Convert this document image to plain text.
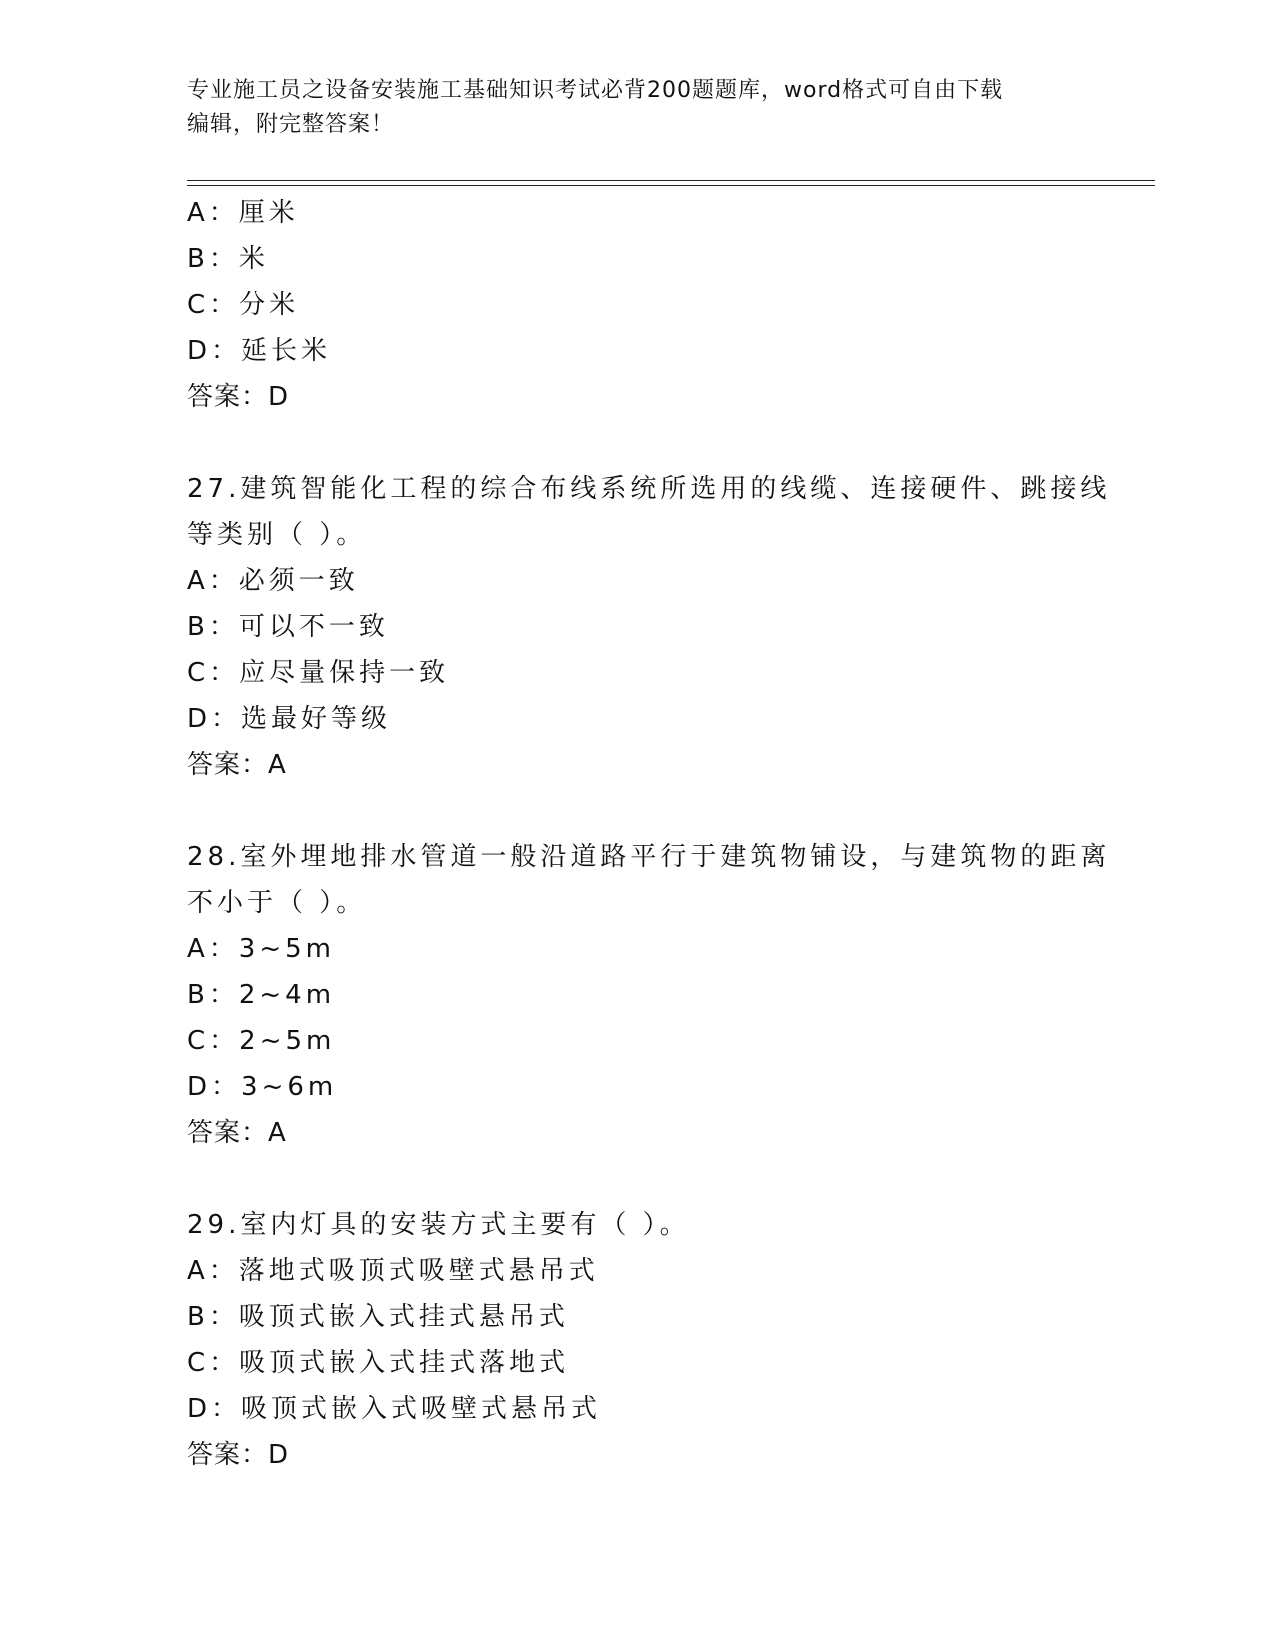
专业施工员之设备安装施工基础知识考试必背200题题库，word格式可自由下载
编辑，附完整答案！
A：厘米
B：米
C：分米
D：延长米
答案：D
27.建筑智能化工程的综合布线系统所选用的线缆、连接硬件、跳接线
等类别（ ）。
A：必须一致
B：可以不一致
C：应尽量保持一致
D：选最好等级
答案：A
28.室外埋地排水管道一般沿道路平行于建筑物铺设，与建筑物的距离
不小于（ ）。
A：3~5m
B：2~4m
C：2~5m
D：3~6m
答案：A
29.室内灯具的安装方式主要有（ ）。
A：落地式吸顶式吸壁式悬吊式
B：吸顶式嵌入式挂式悬吊式
C：吸顶式嵌入式挂式落地式
D：吸顶式嵌入式吸壁式悬吊式
答案：D
